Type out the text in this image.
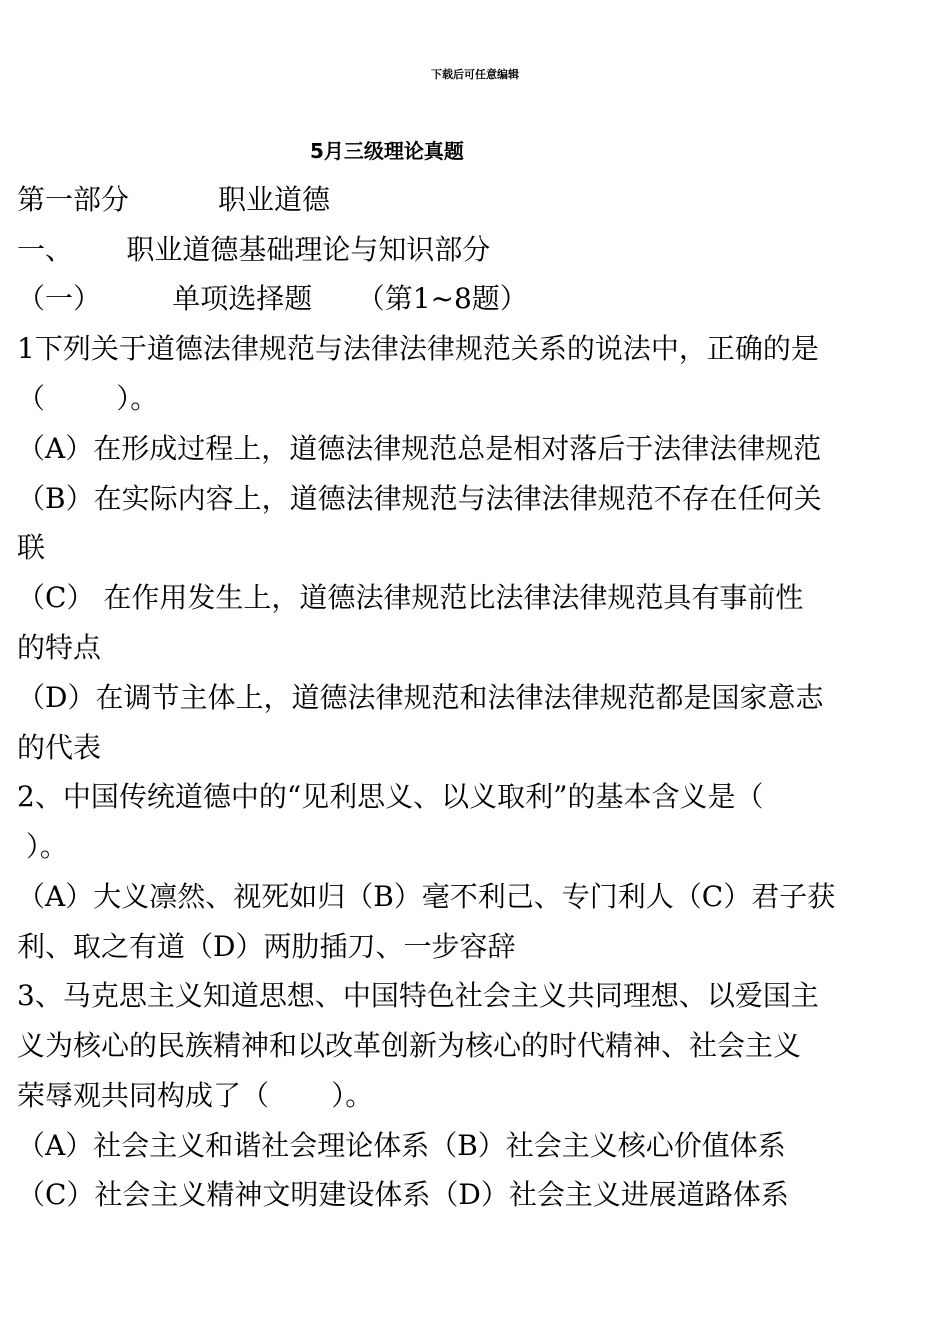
下载后可任意编辑
5月三级理论真题
第一部分          职业道德
一、      职业道德基础理论与知识部分
（一）        单项选择题     （第1~8题）
1下列关于道德法律规范与法律法律规范关系的说法中，正确的是
（        ）。
（A）在形成过程上，道德法律规范总是相对落后于法律法律规范
（B）在实际内容上，道德法律规范与法律法律规范不存在任何关
联
（C） 在作用发生上，道德法律规范比法律法律规范具有事前性
的特点
（D）在调节主体上，道德法律规范和法律法律规范都是国家意志
的代表
2、中国传统道德中的“见利思义、以义取利”的基本含义是（
）。
（A）大义凛然、视死如归（B）毫不利己、专门利人（C）君子获
利、取之有道（D）两肋插刀、一步容辞
3、马克思主义知道思想、中国特色社会主义共同理想、以爱国主
义为核心的民族精神和以改革创新为核心的时代精神、社会主义
荣辱观共同构成了（       ）。
（A）社会主义和谐社会理论体系（B）社会主义核心价值体系
（C）社会主义精神文明建设体系（D）社会主义进展道路体系
